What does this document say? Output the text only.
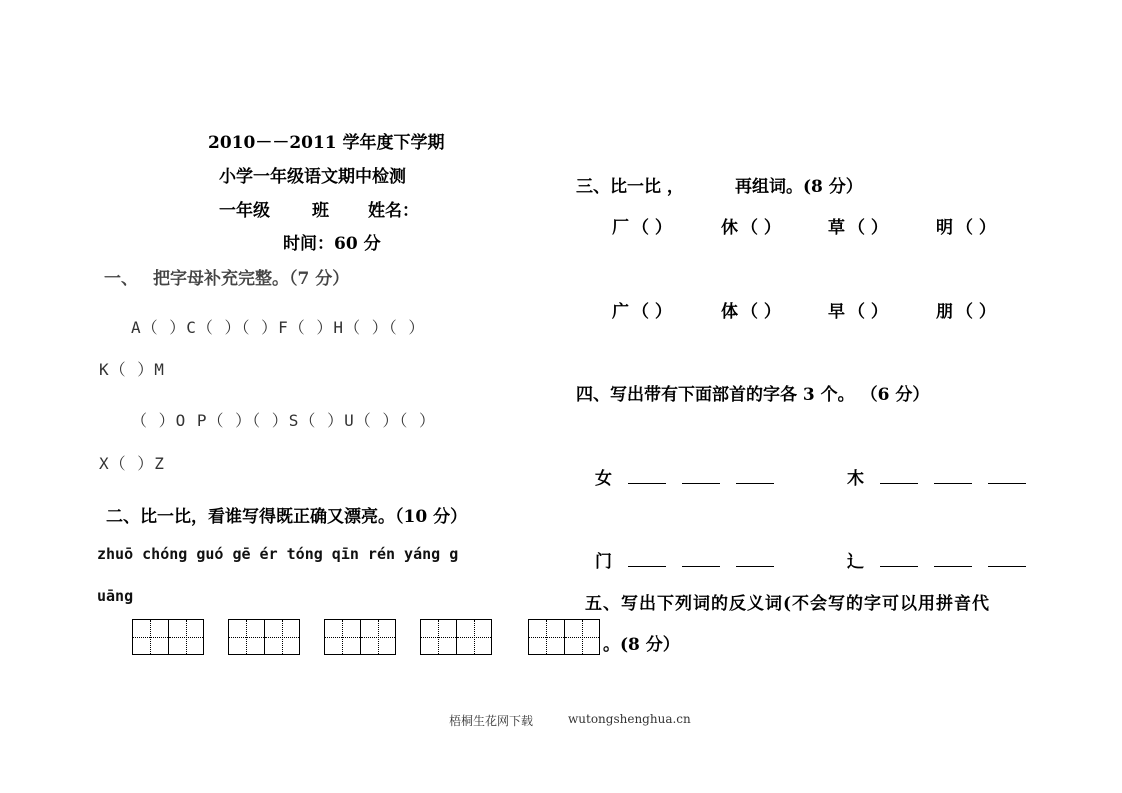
2010－－2011 学年度下学期
小学一年级语文期中检测
一年级 班 姓名：
时间：60 分
一、 把字母补充完整。（7 分）
A（ ）C（ ）（ ）F（ ）H（ ）（ ）
K（ ）M
（ ）O P（ ）（ ）S（ ）U（ ）（ ）
X（ ）Z
二、比一比，看谁写得既正确又漂亮。（10 分）
zhuō chóng guó gē ér tóng qīn rén yáng g
uāng
三、比一比 ，	再组词。(8 分）
厂 （ ）	休 （ ）	草 （ ）	明 （ ）
广 （ ）	体 （ ）	早 （ ）	朋 （ ）
四、写出带有下面部首的字各 3 个。 （6 分）
女	木
门	辶
五、写出下列词的反义词(不会写的字可以用拼音代
。(8 分）
梧桐生花网下载	wutongshenghua.cn
